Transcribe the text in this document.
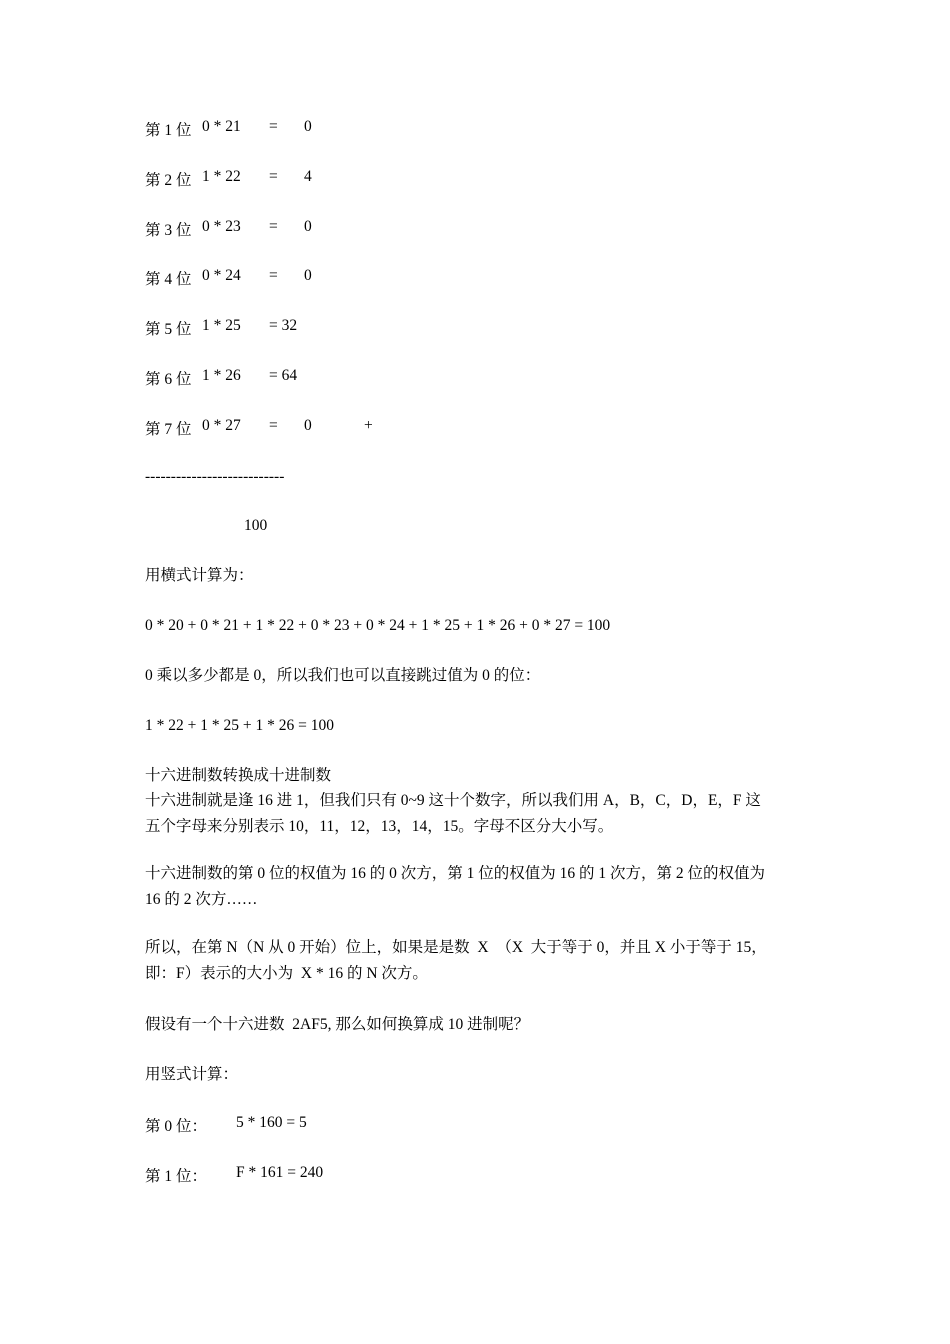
第 1 位 0 * 21 = 0
第 2 位 1 * 22 = 4
第 3 位 0 * 23 = 0
第 4 位 0 * 24 = 0
第 5 位 1 * 25 = 32
第 6 位 1 * 26 = 64
第 7 位 0 * 27 = 0	+
---------------------------
100
用横式计算为：
0 * 20 + 0 * 21 + 1 * 22 + 0 * 23 + 0 * 24 + 1 * 25 + 1 * 26 + 0 * 27 = 100
0 乘以多少都是 0，所以我们也可以直接跳过值为 0 的位：
1 * 22 + 1 * 25 + 1 * 26 = 100
十六进制数转换成十进制数
十六进制就是逢 16 进 1，但我们只有 0~9 这十个数字，所以我们用 A，B，C，D，E，F 这
五个字母来分别表示 10，11，12，13，14，15。字母不区分大小写。
十六进制数的第 0 位的权值为 16 的 0 次方，第 1 位的权值为 16 的 1 次方，第 2 位的权值为
16 的 2 次方……
所以，在第 N（N 从 0 开始）位上，如果是是数  X  （X  大于等于 0，并且 X 小于等于 15，
即：F）表示的大小为  X * 16 的 N 次方。
假设有一个十六进数  2AF5, 那么如何换算成 10 进制呢？
用竖式计算：
第 0 位： 5 * 160 = 5
第 1 位： F * 161 = 240
